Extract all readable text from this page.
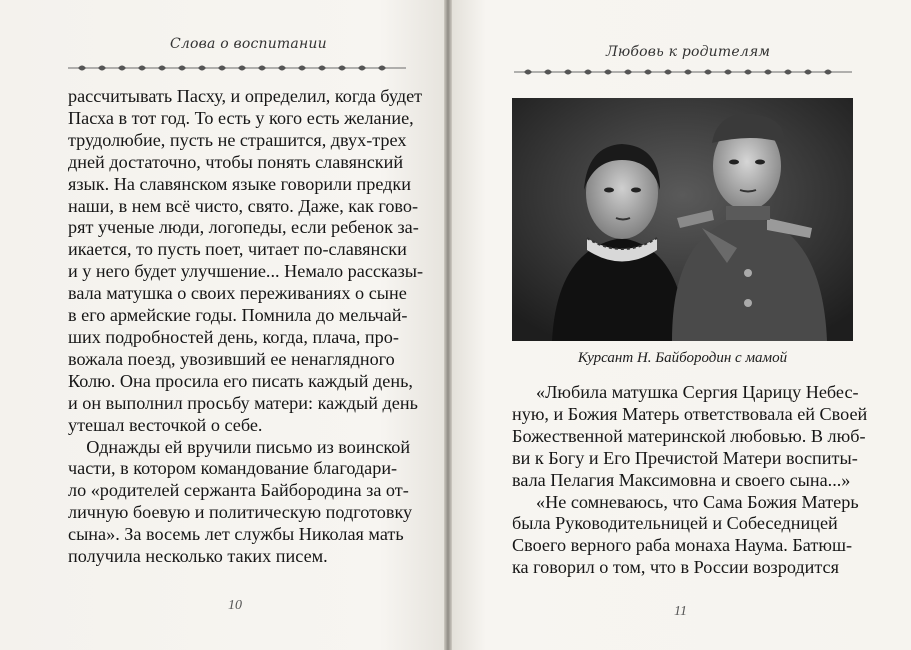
Слова о воспитании
рассчитывать Пасху, и определил, когда будет
Пасха в тот год. То есть у кого есть желание,
трудолюбие, пусть не страшится, двух-трех
дней достаточно, чтобы понять славянский
язык. На славянском языке говорили предки
наши, в нем всё чисто, свято. Даже, как гово-
рят ученые люди, логопеды, если ребенок за-
икается, то пусть поет, читает по-славянски
и у него будет улучшение... Немало рассказы-
вала матушка о своих переживаниях о сыне
в его армейские годы. Помнила до мельчай-
ших подробностей день, когда, плача, про-
вожала поезд, увозивший ее ненаглядного
Колю. Она просила его писать каждый день,
и он выполнил просьбу матери: каждый день
утешал весточкой о себе.
Однажды ей вручили письмо из воинской
части, в котором командование благодари-
ло «родителей сержанта Байбородина за от-
личную боевую и политическую подготовку
сына». За восемь лет службы Николая мать
получила несколько таких писем.
10
Любовь к родителям
Курсант Н. Байбородин с мамой
«Любила матушка Сергия Царицу Небес-
ную, и Божия Матерь ответствовала ей Своей
Божественной материнской любовью. В люб-
ви к Богу и Его Пречистой Матери воспиты-
вала Пелагия Максимовна и своего сына...»
«Не сомневаюсь, что Сама Божия Матерь
была Руководительницей и Собеседницей
Своего верного раба монаха Наума. Батюш-
ка говорил о том, что в России возродится
11
